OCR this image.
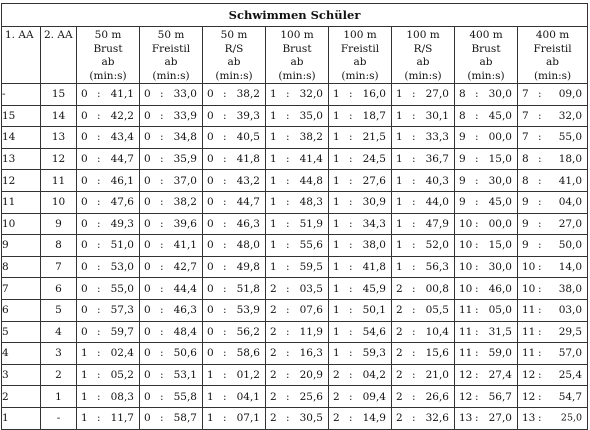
Schwimmen Schüler									
1. AA	2. AA	50 m
Brust
ab
(min:s)	50 m
Freistil
ab
(min:s)	50 m
R/S
ab
(min:s)	100 m
Brust
ab
(min:s)	100 m
Freistil
ab
(min:s)	100 m
R/S
ab
(min:s)	400 m
Brust
ab
(min:s)	400 m
Freistil
ab
(min:s)
-	15	0 : 41,1	0 : 33,0	0 : 38,2	1 : 32,0	1 : 16,0	1 : 27,0	8 : 30,0	7 : 09,0

15	14	0 : 42,2	0 : 33,9	0 : 39,3	1 : 35,0	1 : 18,7	1 : 30,1	8 : 45,0	7 : 32,0

14	13	0 : 43,4	0 : 34,8	0 : 40,5	1 : 38,2	1 : 21,5	1 : 33,3	9 : 00,0	7 : 55,0

13	12	0 : 44,7	0 : 35,9	0 : 41,8	1 : 41,4	1 : 24,5	1 : 36,7	9 : 15,0	8 : 18,0

12	11	0 : 46,1	0 : 37,0	0 : 43,2	1 : 44,8	1 : 27,6	1 : 40,3	9 : 30,0	8 : 41,0

11	10	0 : 47,6	0 : 38,2	0 : 44,7	1 : 48,3	1 : 30,9	1 : 44,0	9 : 45,0	9 : 04,0

10	9	0 : 49,3	0 : 39,6	0 : 46,3	1 : 51,9	1 : 34,3	1 : 47,9	10 : 00,0	9 : 27,0

9	8	0 : 51,0	0 : 41,1	0 : 48,0	1 : 55,6	1 : 38,0	1 : 52,0	10 : 15,0	9 : 50,0

8	7	0 : 53,0	0 : 42,7	0 : 49,8	1 : 59,5	1 : 41,8	1 : 56,3	10 : 30,0	10 : 14,0

7	6	0 : 55,0	0 : 44,4	0 : 51,8	2 : 03,5	1 : 45,9	2 : 00,8	10 : 46,0	10 : 38,0

6	5	0 : 57,3	0 : 46,3	0 : 53,9	2 : 07,6	1 : 50,1	2 : 05,5	11 : 05,0	11 : 03,0

5	4	0 : 59,7	0 : 48,4	0 : 56,2	2 : 11,9	1 : 54,6	2 : 10,4	11 : 31,5	11 : 29,5

4	3	1 : 02,4	0 : 50,6	0 : 58,6	2 : 16,3	1 : 59,3	2 : 15,6	11 : 59,0	11 : 57,0

3	2	1 : 05,2	0 : 53,1	1 : 01,2	2 : 20,9	2 : 04,2	2 : 21,0	12 : 27,4	12 : 25,4

2	1	1 : 08,3	0 : 55,8	1 : 04,1	2 : 25,6	2 : 09,4	2 : 26,6	12 : 56,7	12 : 54,7

1	-	1 : 11,7	0 : 58,7	1 : 07,1	2 : 30,5	2 : 14,9	2 : 32,6	13 : 27,0	13 : 25,0
